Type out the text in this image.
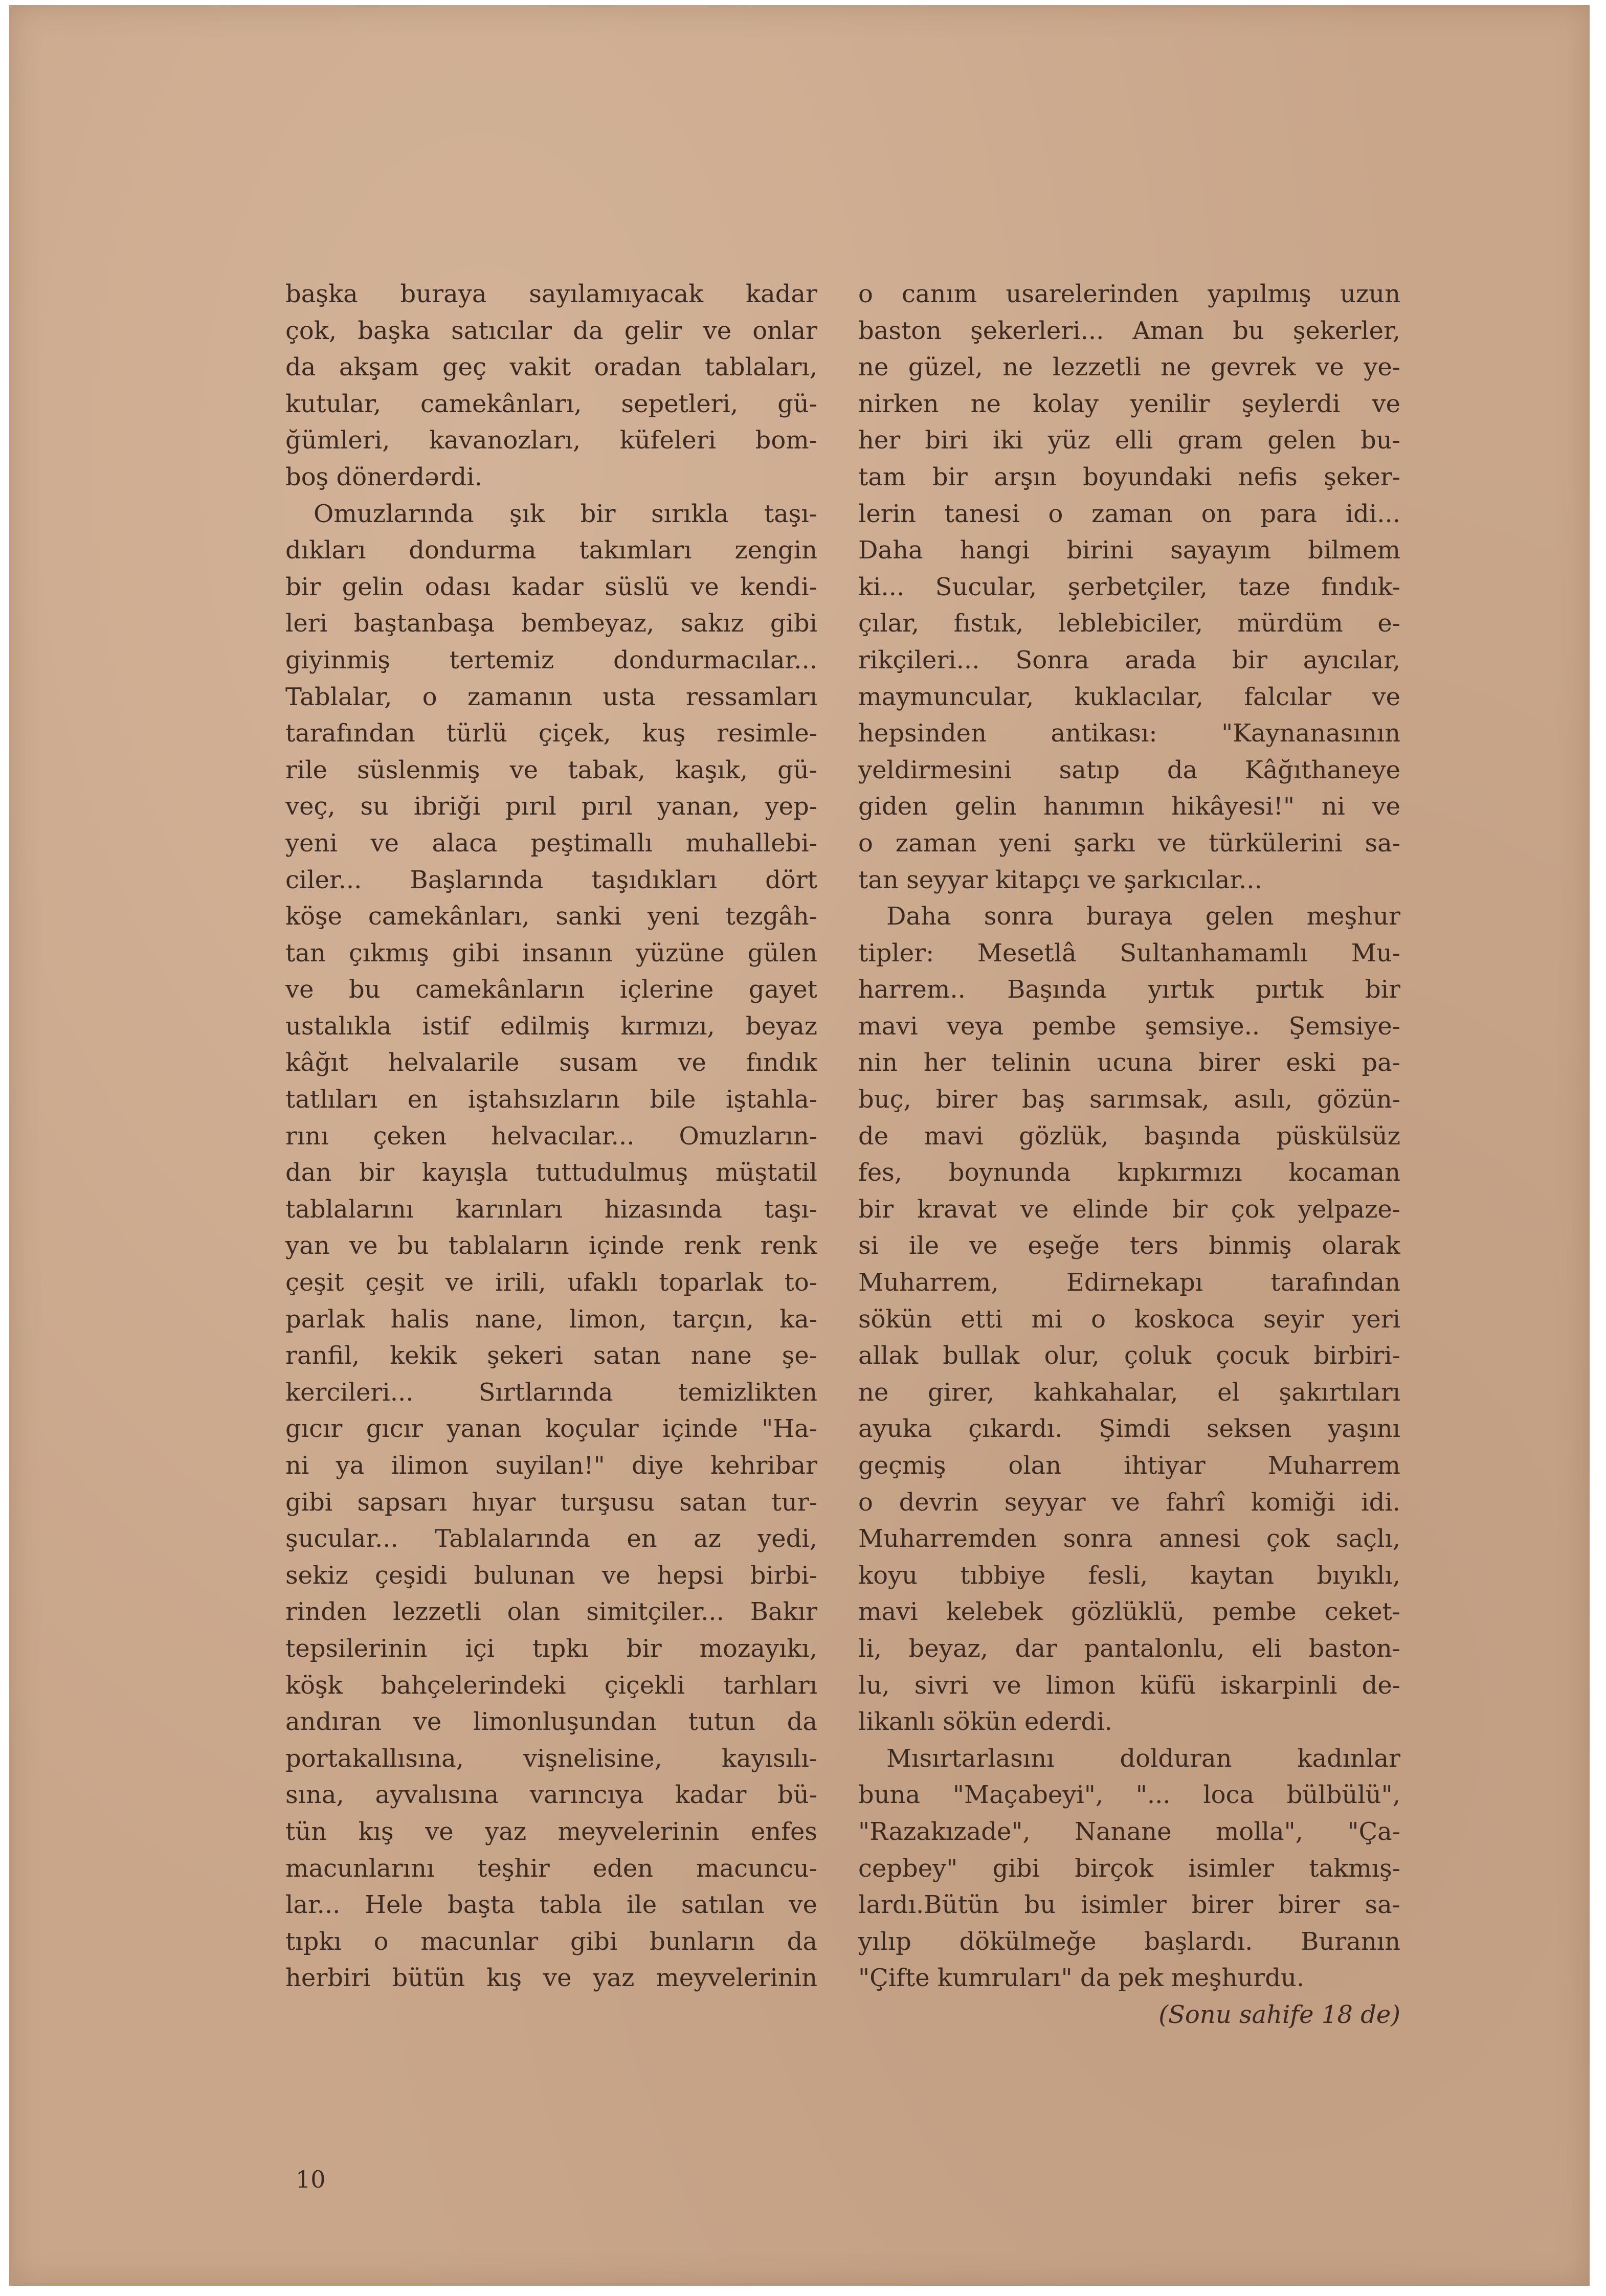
başka buraya sayılamıyacak kadar
çok, başka satıcılar da gelir ve onlar
da akşam geç vakit oradan tablaları,
kutular, camekânları, sepetleri, gü-
ğümleri, kavanozları, küfeleri bom-
boş dönerdərdi.
Omuzlarında şık bir sırıkla taşı-
dıkları dondurma takımları zengin
bir gelin odası kadar süslü ve kendi-
leri baştanbaşa bembeyaz, sakız gibi
giyinmiş tertemiz dondurmacılar...
Tablalar, o zamanın usta ressamları
tarafından türlü çiçek, kuş resimle-
rile süslenmiş ve tabak, kaşık, gü-
veç, su ibriği pırıl pırıl yanan, yep-
yeni ve alaca peştimallı muhallebi-
ciler... Başlarında taşıdıkları dört
köşe camekânları, sanki yeni tezgâh-
tan çıkmış gibi insanın yüzüne gülen
ve bu camekânların içlerine gayet
ustalıkla istif edilmiş kırmızı, beyaz
kâğıt helvalarile susam ve fındık
tatlıları en iştahsızların bile iştahla-
rını çeken helvacılar... Omuzların-
dan bir kayışla tuttudulmuş müştatil
tablalarını karınları hizasında taşı-
yan ve bu tablaların içinde renk renk
çeşit çeşit ve irili, ufaklı toparlak to-
parlak halis nane, limon, tarçın, ka-
ranfil, kekik şekeri satan nane şe-
kercileri... Sırtlarında temizlikten
gıcır gıcır yanan koçular içinde "Ha-
ni ya ilimon suyilan!" diye kehribar
gibi sapsarı hıyar turşusu satan tur-
şucular... Tablalarında en az yedi,
sekiz çeşidi bulunan ve hepsi birbi-
rinden lezzetli olan simitçiler... Bakır
tepsilerinin içi tıpkı bir mozayıkı,
köşk bahçelerindeki çiçekli tarhları
andıran ve limonluşundan tutun da
portakallısına, vişnelisine, kayısılı-
sına, ayvalısına varıncıya kadar bü-
tün kış ve yaz meyvelerinin enfes
macunlarını teşhir eden macuncu-
lar... Hele başta tabla ile satılan ve
tıpkı o macunlar gibi bunların da
herbiri bütün kış ve yaz meyvelerinin
o canım usarelerinden yapılmış uzun
baston şekerleri... Aman bu şekerler,
ne güzel, ne lezzetli ne gevrek ve ye-
nirken ne kolay yenilir şeylerdi ve
her biri iki yüz elli gram gelen bu-
tam bir arşın boyundaki nefis şeker-
lerin tanesi o zaman on para idi...
Daha hangi birini sayayım bilmem
ki... Sucular, şerbetçiler, taze fındık-
çılar, fıstık, leblebiciler, mürdüm e-
rikçileri... Sonra arada bir ayıcılar,
maymuncular, kuklacılar, falcılar ve
hepsinden antikası: "Kaynanasının
yeldirmesini satıp da Kâğıthaneye
giden gelin hanımın hikâyesi!" ni ve
o zaman yeni şarkı ve türkülerini sa-
tan seyyar kitapçı ve şarkıcılar...
Daha sonra buraya gelen meşhur
tipler: Mesetlâ Sultanhamamlı Mu-
harrem.. Başında yırtık pırtık bir
mavi veya pembe şemsiye.. Şemsiye-
nin her telinin ucuna birer eski pa-
buç, birer baş sarımsak, asılı, gözün-
de mavi gözlük, başında püskülsüz
fes, boynunda kıpkırmızı kocaman
bir kravat ve elinde bir çok yelpaze-
si ile ve eşeğe ters binmiş olarak
Muharrem, Edirnekapı tarafından
sökün etti mi o koskoca seyir yeri
allak bullak olur, çoluk çocuk birbiri-
ne girer, kahkahalar, el şakırtıları
ayuka çıkardı. Şimdi seksen yaşını
geçmiş olan ihtiyar Muharrem
o devrin seyyar ve fahrî komiği idi.
Muharremden sonra annesi çok saçlı,
koyu tıbbiye fesli, kaytan bıyıklı,
mavi kelebek gözlüklü, pembe ceket-
li, beyaz, dar pantalonlu, eli baston-
lu, sivri ve limon küfü iskarpinli de-
likanlı sökün ederdi.
Mısırtarlasını dolduran kadınlar
buna "Maçabeyi", "... loca bülbülü",
"Razakızade", Nanane molla", "Ça-
cepbey" gibi birçok isimler takmış-
lardı.Bütün bu isimler birer birer sa-
yılıp dökülmeğe başlardı. Buranın
"Çifte kumruları" da pek meşhurdu.
(Sonu sahife 18 de)
10
